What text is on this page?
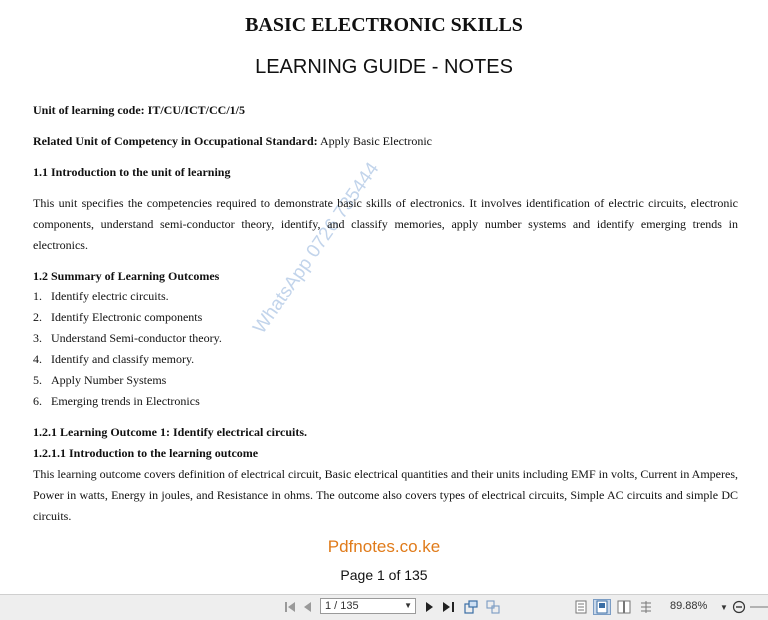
BASIC ELECTRONIC SKILLS
LEARNING GUIDE - NOTES
WhatsApp 0726 735444
Unit of learning code: IT/CU/ICT/CC/1/5
Related Unit of Competency in Occupational Standard: Apply Basic Electronic
1.1 Introduction to the unit of learning
This unit specifies the competencies required to demonstrate basic skills of electronics. It involves identification of electric circuits, electronic components, understand semi-conductor theory, identify, and classify memories, apply number systems and identify emerging trends in electronics.
1.2 Summary of Learning Outcomes
1. Identify electric circuits.
2. Identify Electronic components
3. Understand Semi-conductor theory.
4. Identify and classify memory.
5. Apply Number Systems
6. Emerging trends in Electronics
1.2.1 Learning Outcome 1: Identify electrical circuits.
1.2.1.1 Introduction to the learning outcome
This learning outcome covers definition of electrical circuit, Basic electrical quantities and their units including EMF in volts, Current in Amperes, Power in watts, Energy in joules, and Resistance in ohms. The outcome also covers types of electrical circuits, Simple AC circuits and simple DC circuits.
Pdfnotes.co.ke
Page 1 of 135
1 / 135	▼	89.88% ▼
